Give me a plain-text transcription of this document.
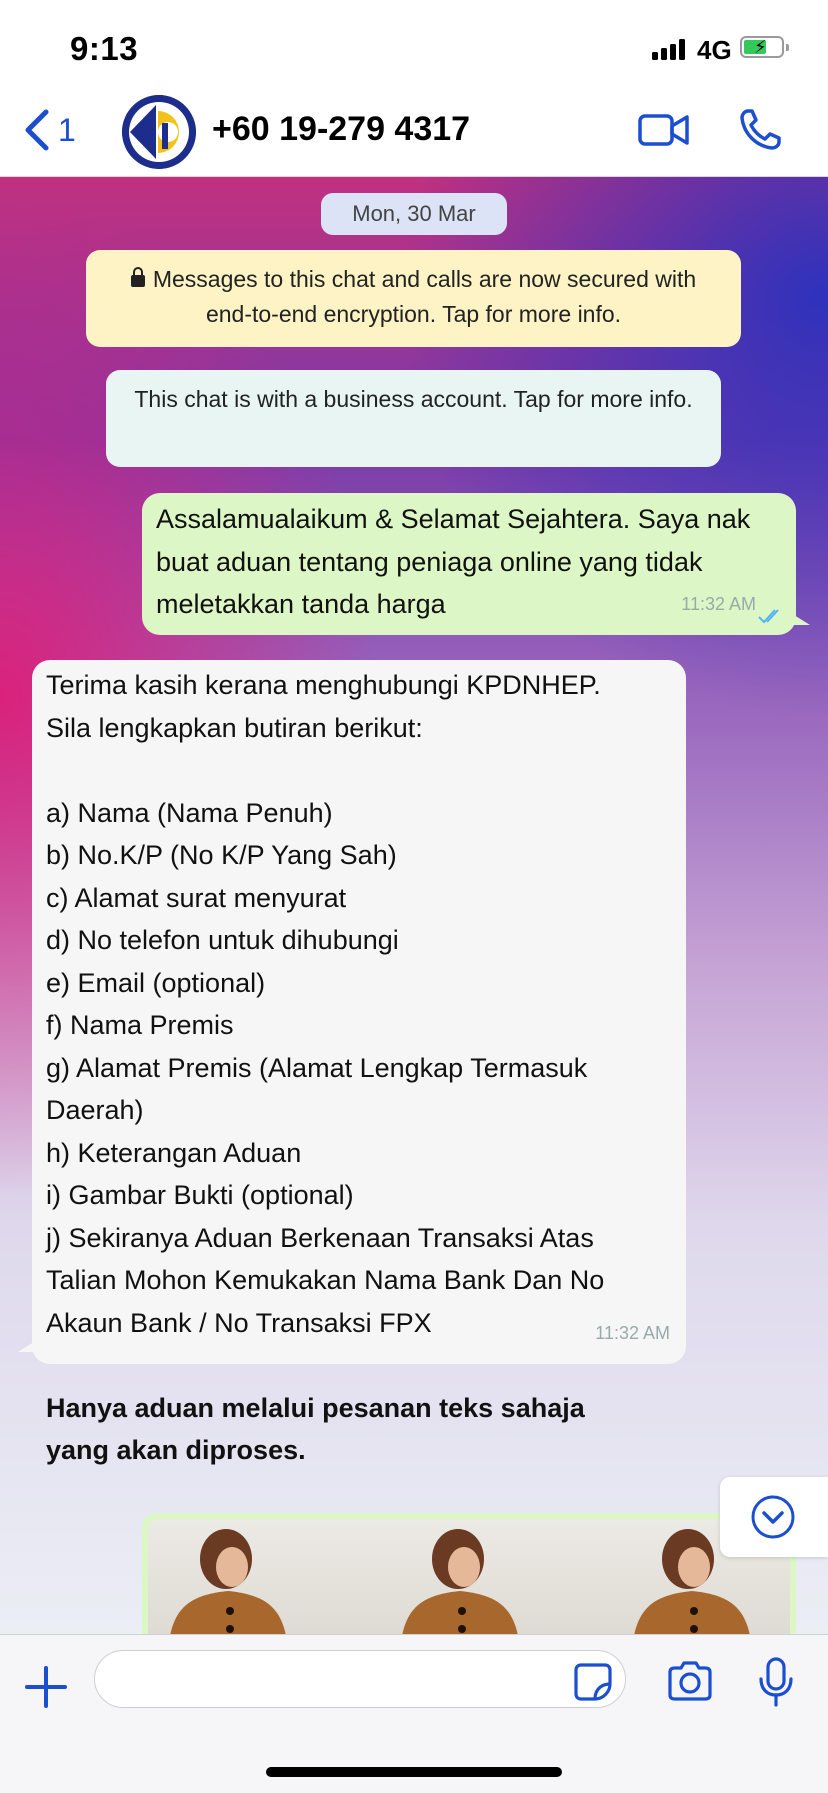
9:13	4G ⚡
1	+60 19-279 4317
Mon, 30 Mar
Messages to this chat and calls are now secured with end-to-end encryption. Tap for more info.
This chat is with a business account. Tap for more info.
Assalamualaikum & Selamat Sejahtera. Saya nak
buat aduan tentang peniaga online yang tidak
meletakkan tanda harga	11:32 AM
Terima kasih kerana menghubungi KPDNHEP.
Sila lengkapkan butiran berikut:
a) Nama (Nama Penuh)
b) No.K/P (No K/P Yang Sah)
c) Alamat surat menyurat
d) No telefon untuk dihubungi
e) Email (optional)
f) Nama Premis
g) Alamat Premis (Alamat Lengkap Termasuk
Daerah)
h) Keterangan Aduan
i) Gambar Bukti (optional)
j) Sekiranya Aduan Berkenaan Transaksi Atas
Talian Mohon Kemukakan Nama Bank Dan No
Akaun Bank / No Transaksi FPX
Hanya aduan melalui pesanan teks sahaja
yang akan diproses.
11:32 AM
